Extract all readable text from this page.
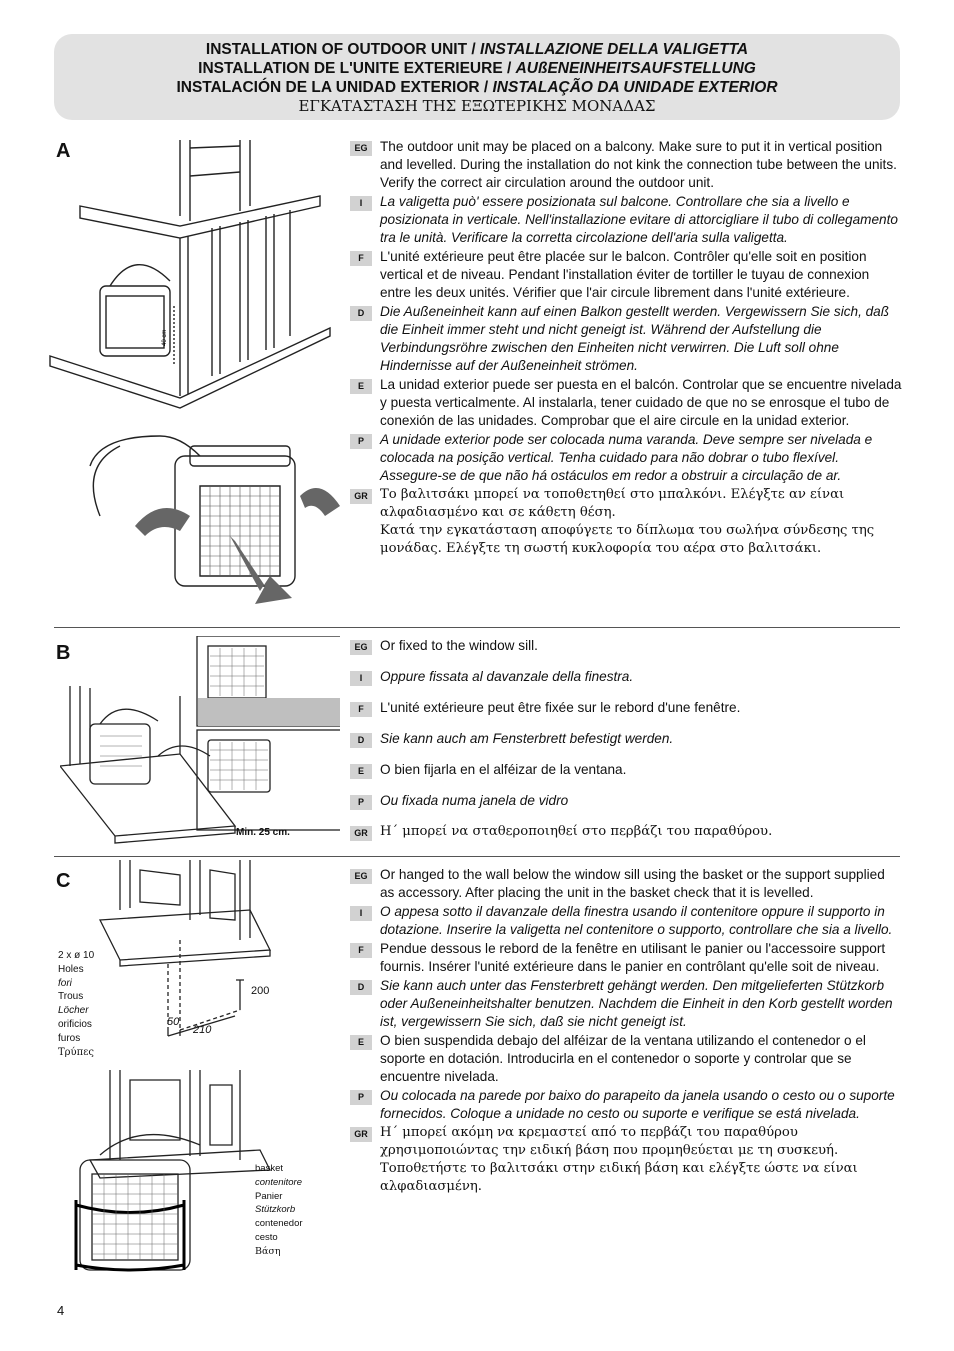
INSTALLATION OF OUTDOOR UNIT / INSTALLAZIONE DELLA VALIGETTA
INSTALLATION DE L'UNITE EXTERIEURE / AUßENEINHEITSAUFSTELLUNG
INSTALACIÓN DE LA UNIDAD EXTERIOR / INSTALAÇÃO DA UNIDADE EXTERIOR
ΕΓΚΑΤΑΣΤΑΣΗ ΤΗΣ ΕΞΩΤΕΡΙΚΗΣ ΜΟΝΑΔΑΣ
A
40 cm
EG The outdoor unit may be placed on a balcony. Make sure to put it in vertical position and levelled. During the installation do not kink the connection tube between the units. Verify the correct air circulation around the outdoor unit.
I	La valigetta può' essere posizionata sul balcone. Controllare che sia a livello e posizionata in verticale. Nell'installazione evitare di attorcigliare il tubo di collegamento tra le unità. Verificare la corretta circolazione dell'aria sulla valigetta.
F	L'unité extérieure peut être placée sur le balcon. Contrôler qu'elle soit en position vertical et de niveau. Pendant l'installation éviter de tortiller le tuyau de connexion entre les deux unités. Vérifier que l'air circule librement dans l'unité extérieure.
D	Die Außeneinheit kann auf einen Balkon gestellt werden. Vergewissern Sie sich, daß die Einheit immer steht und nicht geneigt ist. Während der Aufstellung die Verbindungsröhre zwischen den Einheiten nicht verwirren. Die Luft soll ohne Hindernisse auf der Außeneinheit strömen.
E	La unidad exterior puede ser puesta en el balcón. Controlar que se encuentre nivelada y puesta verticalmente. Al instalarla, tener cuidado de que no se enrosque el tubo de conexión de las unidades. Comprobar que el aire circule en la unidad exterior.
P	A unidade exterior pode ser colocada numa varanda. Deve sempre ser nivelada e colocada na posição vertical. Tenha cuidado para não dobrar o tubo flexível. Assegure-se de que não há ostáculos em redor a obstruir a circulação de ar.
GR Το βαλιτσάκι μπορεί να τοποθετηθεί στο μπαλκόνι. Ελέγξτε αν είναι αλφαδιασμένο και σε κάθετη θέση.
Κατά την εγκατάσταση αποφύγετε το δίπλωμα του σωλήνα σύνδεσης της μονάδας. Ελέγξτε τη σωστή κυκλοφορία του αέρα στο βαλιτσάκι.
B
Min. 25 cm.
EG Or fixed to the window sill.
I	Oppure fissata al davanzale della finestra.
F	L'unité extérieure peut être fixée sur le rebord d'une fenêtre.
D	Sie kann auch am Fensterbrett befestigt werden.
E	O bien fijarla en el alféizar de la ventana.
P	Ou fixada numa janela de vidro
GR Η΄ μπορεί να σταθεροποιηθεί στο περβάζι του παραθύρου.
C
2 x ø 10
Holes
fori
Trous
Löcher
orificios
furos
Τρύπες
200
50
210
basket
contenitore
Panier
Stützkorb
contenedor
cesto
Βάση
EG Or hanged to the wall below the window sill using the basket or the support supplied as accessory. After placing the unit in the basket check that it is levelled.
I	O appesa sotto il davanzale della finestra usando il contenitore oppure il supporto in dotazione. Inserire la valigetta nel contenitore o supporto, controllare che sia a livello.
F	Pendue dessous le rebord de la fenêtre en utilisant le panier ou l'accessoire support fournis. Insérer l'unité extérieure dans le panier en contrôlant qu'elle soit de niveau.
D	Sie kann auch unter das Fensterbrett gehängt werden. Den mitgelieferten Stützkorb oder Außeneinheitshalter benutzen. Nachdem die Einheit in den Korb gestellt worden ist, vergewissern Sie sich, daß sie nicht geneigt ist.
E	O bien suspendida debajo del alféizar de la ventana utilizando el contenedor o el soporte en dotación. Introducirla en el contenedor o soporte y controlar que se encuentre nivelada.
P	Ou colocada na parede por baixo do parapeito da janela usando o cesto ou o suporte fornecidos. Coloque a unidade no cesto ou suporte e verifique se está nivelada.
GR Η΄ μπορεί ακόμη να κρεμαστεί από το περβάζι του παραθύρου χρησιμοποιώντας την ειδική βάση που προμηθεύεται με τη συσκευή. Τοποθετήστε το βαλιτσάκι στην ειδική βάση και ελέγξτε ώστε να είναι αλφαδιασμένη.
4
